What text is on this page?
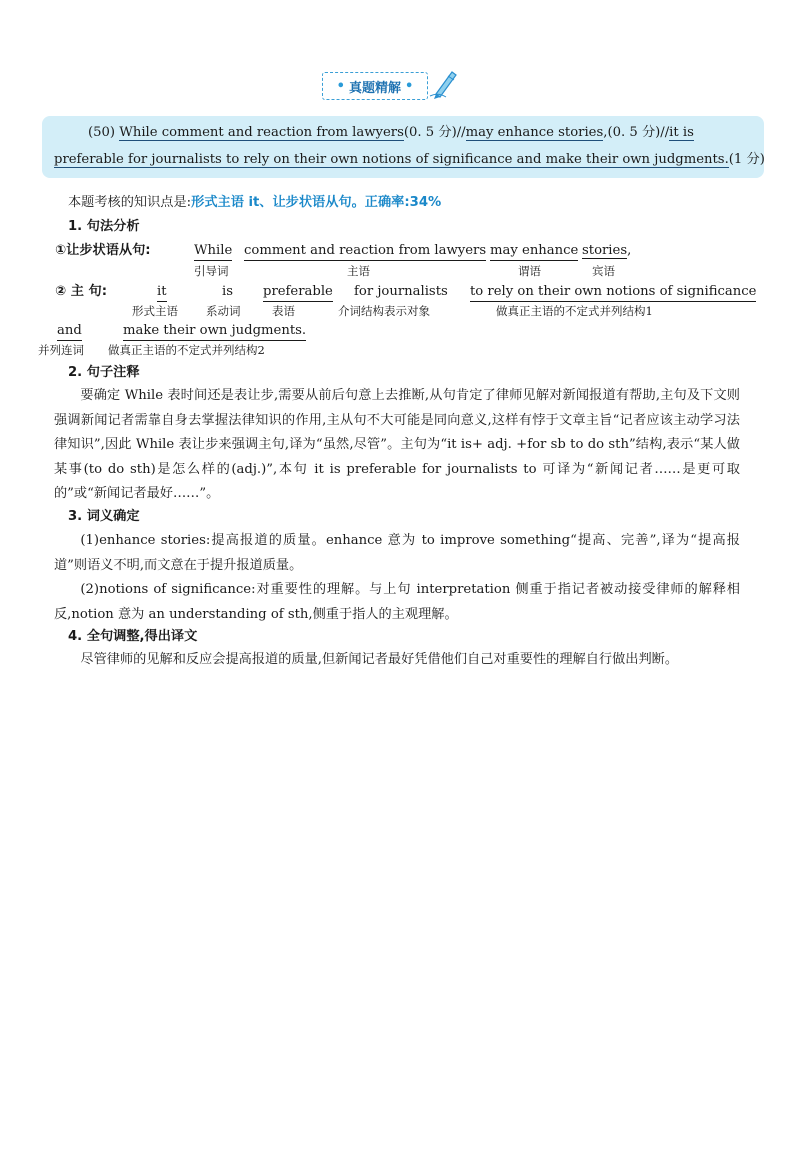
• 真题精解 •
(50) While comment and reaction from lawyers(0. 5 分)//may enhance stories,(0. 5 分)//it is
preferable for journalists to rely on their own notions of significance and make their own judgments.(1 分)
本题考核的知识点是:形式主语 it、让步状语从句。正确率:34%
1. 句法分析
①让步状语从句:	While
引导词
comment and reaction from lawyers
主语
may enhance
谓语
stories,
宾语
② 主 句:	it
形式主语
is
系动词
preferable
表语
for journalists
介词结构表示对象
to rely on their own notions of significance
做真正主语的不定式并列结构1
and
并列连词
make their own judgments.
做真正主语的不定式并列结构2
2. 句子注释
要确定 While 表时间还是表让步,需要从前后句意上去推断,从句肯定了律师见解对新闻报道有帮助,主句及下文则强调新闻记者需靠自身去掌握法律知识的作用,主从句不大可能是同向意义,这样有悖于文章主旨“记者应该主动学习法律知识”,因此 While 表让步来强调主句,译为“虽然,尽管”。主句为“it is+ adj. +for sb to do sth”结构,表示“某人做某事(to do sth)是怎么样的(adj.)”,本句 it is preferable for journalists to 可译为“新闻记者……是更可取的”或“新闻记者最好……”。
3. 词义确定
(1)enhance stories:提高报道的质量。enhance 意为 to improve something“提高、完善”,译为“提高报道”则语义不明,而文意在于提升报道质量。
(2)notions of significance:对重要性的理解。与上句 interpretation 侧重于指记者被动接受律师的解释相反,notion 意为 an understanding of sth,侧重于指人的主观理解。
4. 全句调整,得出译文
尽管律师的见解和反应会提高报道的质量,但新闻记者最好凭借他们自己对重要性的理解自行做出判断。
